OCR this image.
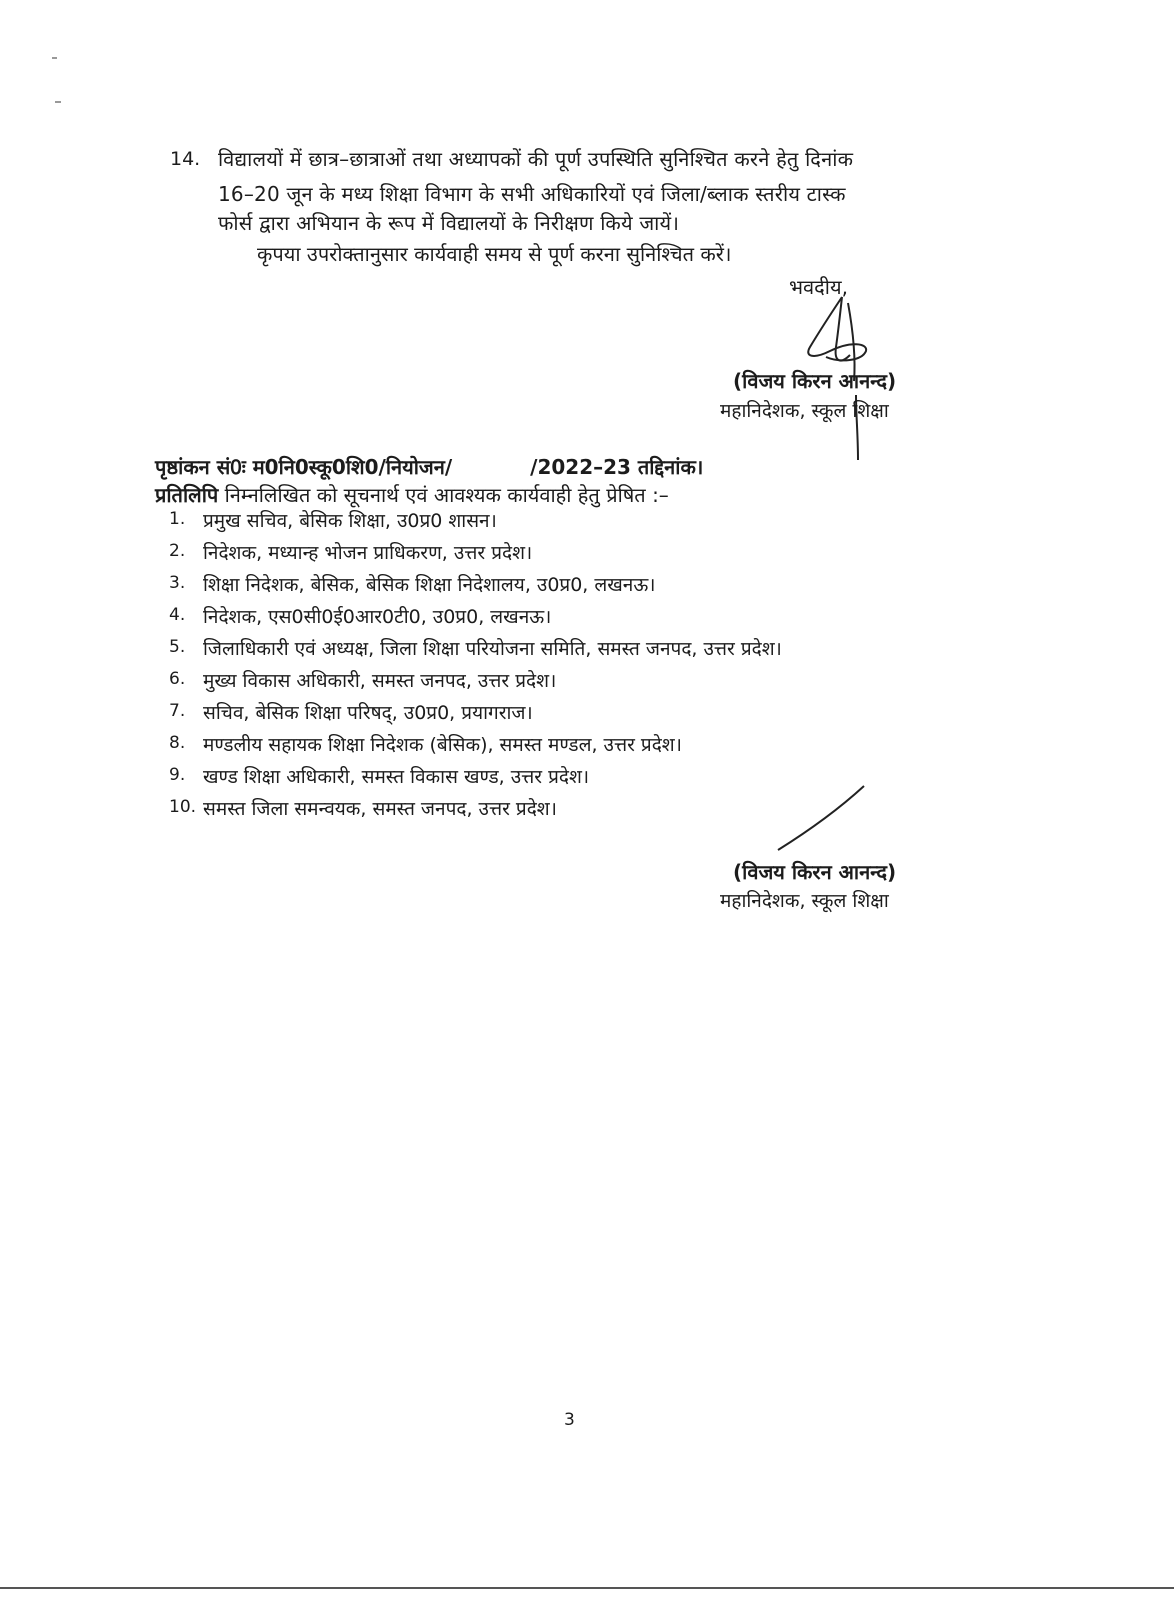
14. विद्यालयों में छात्र–छात्राओं तथा अध्यापकों की पूर्ण उपस्थिति सुनिश्चित करने हेतु दिनांक
16–20 जून के मध्य शिक्षा विभाग के सभी अधिकारियों एवं जिला/ब्लाक स्तरीय टास्क
फोर्स द्वारा अभियान के रूप में विद्यालयों के निरीक्षण किये जायें।
कृपया उपरोक्तानुसार कार्यवाही समय से पूर्ण करना सुनिश्चित करें।
भवदीय,
(विजय किरन आनन्द)
महानिदेशक, स्कूल शिक्षा
पृष्ठांकन सं0ः म0नि0स्कू0शि0/नियोजन/	/2022–23 तद्दिनांक।
प्रतिलिपि निम्नलिखित को सूचनार्थ एवं आवश्यक कार्यवाही हेतु प्रेषित :–
1. प्रमुख सचिव, बेसिक शिक्षा, उ0प्र0 शासन।
2. निदेशक, मध्यान्ह भोजन प्राधिकरण, उत्तर प्रदेश।
3. शिक्षा निदेशक, बेसिक, बेसिक शिक्षा निदेशालय, उ0प्र0, लखनऊ।
4. निदेशक, एस0सी0ई0आर0टी0, उ0प्र0, लखनऊ।
5. जिलाधिकारी एवं अध्यक्ष, जिला शिक्षा परियोजना समिति, समस्त जनपद, उत्तर प्रदेश।
6. मुख्य विकास अधिकारी, समस्त जनपद, उत्तर प्रदेश।
7. सचिव, बेसिक शिक्षा परिषद्, उ0प्र0, प्रयागराज।
8. मण्डलीय सहायक शिक्षा निदेशक (बेसिक), समस्त मण्डल, उत्तर प्रदेश।
9. खण्ड शिक्षा अधिकारी, समस्त विकास खण्ड, उत्तर प्रदेश।
10. समस्त जिला समन्वयक, समस्त जनपद, उत्तर प्रदेश।
(विजय किरन आनन्द)
महानिदेशक, स्कूल शिक्षा
3
